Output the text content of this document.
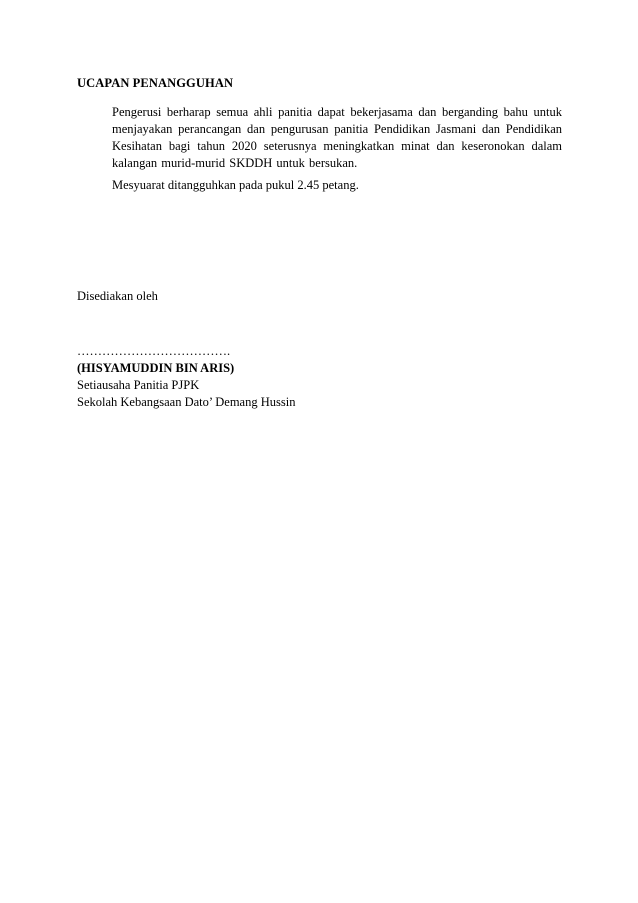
UCAPAN PENANGGUHAN
Pengerusi berharap semua ahli panitia dapat bekerjasama dan berganding bahu untuk menjayakan perancangan dan pengurusan panitia Pendidikan Jasmani dan Pendidikan Kesihatan bagi tahun 2020 seterusnya meningkatkan minat dan keseronokan dalam kalangan murid-murid SKDDH untuk bersukan.
Mesyuarat ditangguhkan pada pukul 2.45 petang.
Disediakan oleh
……………………………….
(HISYAMUDDIN BIN ARIS)
Setiausaha Panitia PJPK
Sekolah Kebangsaan Dato’ Demang Hussin
